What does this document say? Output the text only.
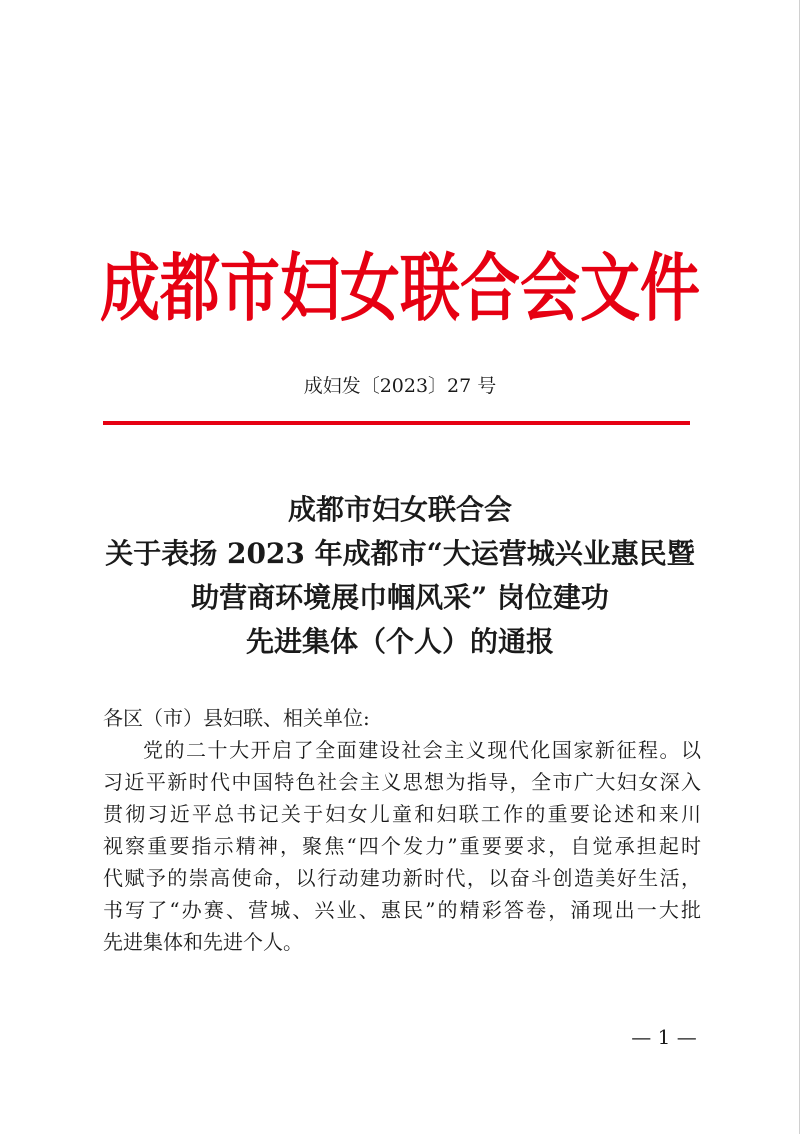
成都市妇女联合会文件
成妇发〔2023〕27 号
成都市妇女联合会
关于表扬 2023 年成都市“大运营城兴业惠民暨
助营商环境展巾帼风采” 岗位建功
先进集体（个人）的通报
各区（市）县妇联、相关单位:
党的二十大开启了全面建设社会主义现代化国家新征程。以
习近平新时代中国特色社会主义思想为指导，全市广大妇女深入
贯彻习近平总书记关于妇女儿童和妇联工作的重要论述和来川
视察重要指示精神，聚焦“四个发力”重要要求，自觉承担起时
代赋予的崇高使命，以行动建功新时代，以奋斗创造美好生活，
书写了“办赛、营城、兴业、惠民”的精彩答卷，涌现出一大批
先进集体和先进个人。
— 1 —
